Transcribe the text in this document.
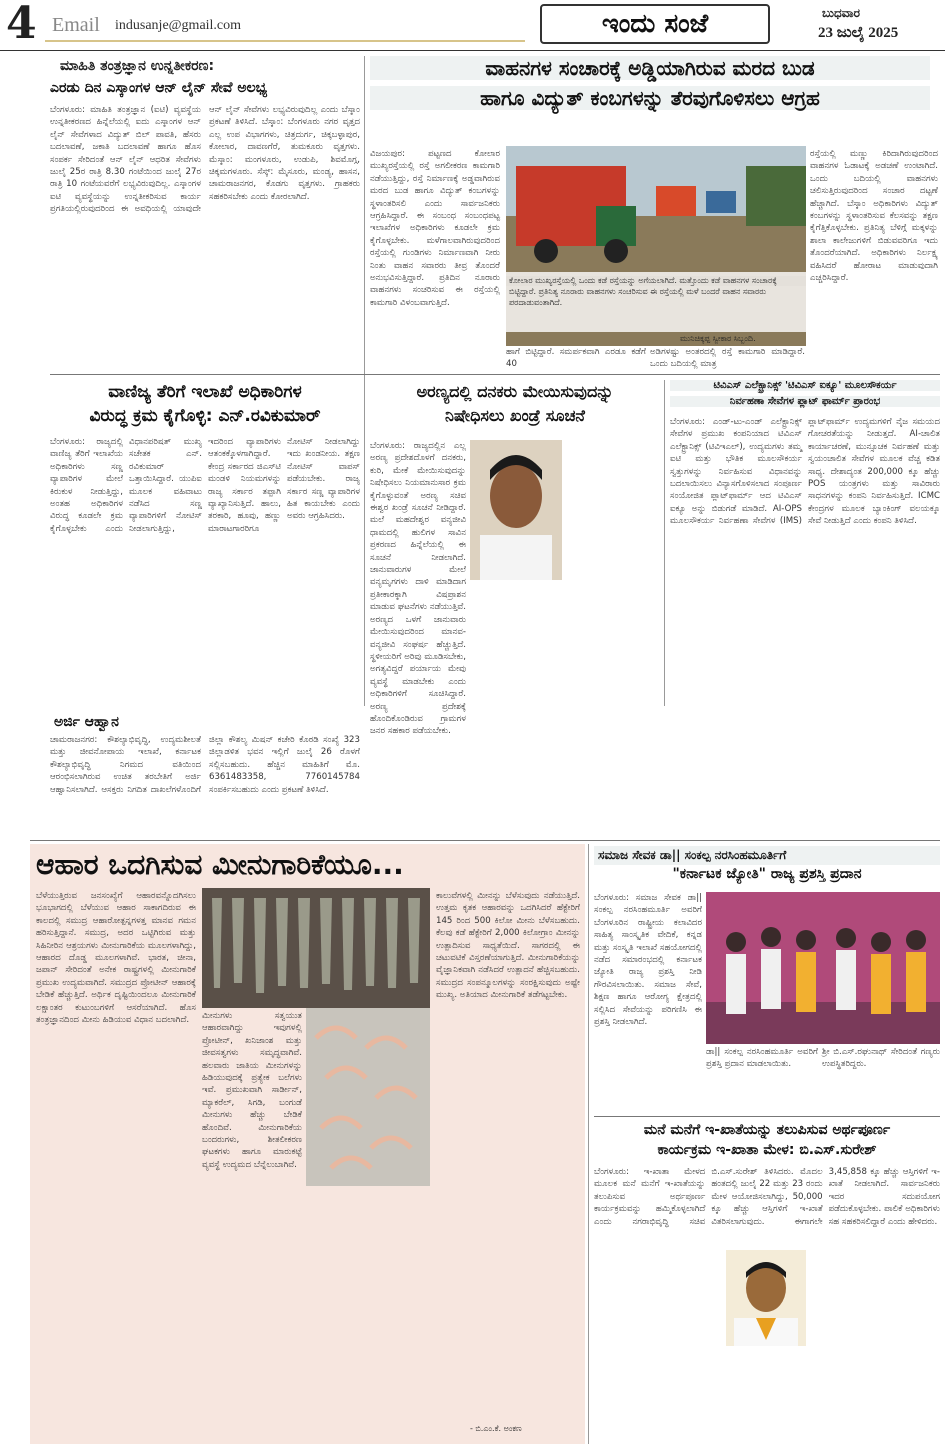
4 Email indusanje@gmail.com	ಇಂದು ಸಂಜೆ	ಬುಧವಾರ
23 ಜುಲೈ 2025
ಮಾಹಿತಿ ತಂತ್ರಜ್ಞಾನ ಉನ್ನತೀಕರಣ:
ಎರಡು ದಿನ ಎಸ್ಕಾಂಗಳ ಆನ್ ಲೈನ್ ಸೇವೆ ಅಲಭ್ಯ
ಬೆಂಗಳೂರು: ಮಾಹಿತಿ ತಂತ್ರಜ್ಞಾನ (ಐಟಿ) ವ್ಯವಸ್ಥೆಯ ಉನ್ನತೀಕರಣದ ಹಿನ್ನೆಲೆಯಲ್ಲಿ ಐದು ಎಸ್ಕಾಂಗಳ ಆನ್ ಲೈನ್ ಸೇವೆಗಳಾದ ವಿದ್ಯುತ್ ಬಿಲ್ ಪಾವತಿ, ಹೆಸರು ಬದಲಾವಣೆ, ಜಕಾತಿ ಬದಲಾವಣೆ ಹಾಗೂ ಹೊಸ ಸಂಪರ್ಕ ಸೇರಿದಂತೆ ಆನ್ ಲೈನ್ ಆಧರಿತ ಸೇವೆಗಳು ಜುಲೈ 25ರ ರಾತ್ರಿ 8.30 ಗಂಟೆಯಿಂದ ಜುಲೈ 27ರ ರಾತ್ರಿ 10 ಗಂಟೆಯವರೆಗೆ ಲಭ್ಯವಿರುವುದಿಲ್ಲ. ಎಸ್ಕಾಂಗಳ ಐಟಿ ವ್ಯವಸ್ಥೆಯನ್ನು ಉನ್ನತೀಕರಿಸುವ ಕಾರ್ಯ ಪ್ರಗತಿಯಲ್ಲಿರುವುದರಿಂದ ಈ ಅವಧಿಯಲ್ಲಿ ಯಾವುದೇ ಆನ್ ಲೈನ್ ಸೇವೆಗಳು ಲಭ್ಯವಿರುವುದಿಲ್ಲ ಎಂದು ಬೆಸ್ಕಾಂ ಪ್ರಕಟಣೆ ತಿಳಿಸಿದೆ. ಬೆಸ್ಕಾಂ: ಬೆಂಗಳೂರು ನಗರ ವೃತ್ತದ ಎಲ್ಲ ಉಪ ವಿಭಾಗಗಳು, ಚಿತ್ರದುರ್ಗ, ಚಿಕ್ಕಬಳ್ಳಾಪುರ, ಕೋಲಾರ, ದಾವಣಗೆರೆ, ತುಮಕೂರು ವೃತ್ತಗಳು. ಮೆಸ್ಕಾಂ: ಮಂಗಳೂರು, ಉಡುಪಿ, ಶಿವಮೊಗ್ಗ, ಚಿಕ್ಕಮಗಳೂರು. ಸೆಸ್ಕ್: ಮೈಸೂರು, ಮಂಡ್ಯ, ಹಾಸನ, ಚಾಮರಾಜನಗರ, ಕೊಡಗು ವೃತ್ತಗಳು. ಗ್ರಾಹಕರು ಸಹಕರಿಸಬೇಕು ಎಂದು ಕೋರಲಾಗಿದೆ.
ವಾಹನಗಳ ಸಂಚಾರಕ್ಕೆ ಅಡ್ಡಿಯಾಗಿರುವ ಮರದ ಬುಡ
ಹಾಗೂ ವಿದ್ಯುತ್ ಕಂಬಗಳನ್ನು ತೆರವುಗೊಳಿಸಲು ಆಗ್ರಹ
ವಿಜಯಪುರ: ಪಟ್ಟಣದ ಕೋಲಾರ ಮುಖ್ಯರಸ್ತೆಯಲ್ಲಿ ರಸ್ತೆ ಅಗಲೀಕರಣ ಕಾಮಗಾರಿ ನಡೆಯುತ್ತಿದ್ದು, ರಸ್ತೆ ನಿರ್ಮಾಣಕ್ಕೆ ಅಡ್ಡವಾಗಿರುವ ಮರದ ಬುಡ ಹಾಗೂ ವಿದ್ಯುತ್ ಕಂಬಗಳನ್ನು ಸ್ಥಳಾಂತರಿಸಲಿ ಎಂದು ಸಾರ್ವಜನಿಕರು ಆಗ್ರಹಿಸಿದ್ದಾರೆ. ಈ ಸಂಬಂಧ ಸಂಬಂಧಪಟ್ಟ ಇಲಾಖೆಗಳ ಅಧಿಕಾರಿಗಳು ಕೂಡಲೇ ಕ್ರಮ ಕೈಗೊಳ್ಳಬೇಕು. ಮಳೆಗಾಲವಾಗಿರುವುದರಿಂದ ರಸ್ತೆಯಲ್ಲಿ ಗುಂಡಿಗಳು ನಿರ್ಮಾಣವಾಗಿ ನೀರು ನಿಂತು ವಾಹನ ಸವಾರರು ತೀವ್ರ ತೊಂದರೆ ಅನುಭವಿಸುತ್ತಿದ್ದಾರೆ. ಪ್ರತಿದಿನ ನೂರಾರು ವಾಹನಗಳು ಸಂಚರಿಸುವ ಈ ರಸ್ತೆಯಲ್ಲಿ ಕಾಮಗಾರಿ ವಿಳಂಬವಾಗುತ್ತಿದೆ.
ಕೋಲಾರ ಮುಖ್ಯರಸ್ತೆಯಲ್ಲಿ ಒಂದು ಕಡೆ ರಸ್ತೆಯನ್ನು ಅಗೆಯಲಾಗಿದೆ. ಮತ್ತೊಂದು ಕಡೆ ವಾಹನಗಳ ಸಂಚಾರಕ್ಕೆ ಬಿಟ್ಟಿದ್ದಾರೆ. ಪ್ರತಿನಿತ್ಯ ನೂರಾರು ವಾಹನಗಳು ಸಂಚರಿಸುವ ಈ ರಸ್ತೆಯಲ್ಲಿ ಮಳೆ ಬಂದರೆ ವಾಹನ ಸವಾರರು ಪರದಾಡುವಂತಾಗಿದೆ.
ಮುನಿಚಿಕ್ಕಪ್ಪ ಸ್ವೀಕಾರ ಸಿಬ್ಬಂದಿ.
ರಸ್ತೆಯಲ್ಲಿ ಮಣ್ಣು ಕಿರಿದಾಗಿರುವುದರಿಂದ ವಾಹನಗಳ ಓಡಾಟಕ್ಕೆ ಅಡಚಣೆ ಉಂಟಾಗಿದೆ. ಒಂದು ಬದಿಯಲ್ಲಿ ವಾಹನಗಳು ಚಲಿಸುತ್ತಿರುವುದರಿಂದ ಸಂಚಾರ ದಟ್ಟಣೆ ಹೆಚ್ಚಾಗಿದೆ. ಬೆಸ್ಕಾಂ ಅಧಿಕಾರಿಗಳು ವಿದ್ಯುತ್ ಕಂಬಗಳನ್ನು ಸ್ಥಳಾಂತರಿಸುವ ಕೆಲಸವನ್ನು ತಕ್ಷಣ ಕೈಗೆತ್ತಿಕೊಳ್ಳಬೇಕು. ಪ್ರತಿನಿತ್ಯ ಬೆಳಿಗ್ಗೆ ಮಕ್ಕಳನ್ನು ಶಾಲಾ ಕಾಲೇಜುಗಳಿಗೆ ಬಿಡುವವರಿಗೂ ಇದು ತೊಂದರೆಯಾಗಿದೆ. ಅಧಿಕಾರಿಗಳು ನಿರ್ಲಕ್ಷ್ಯ ವಹಿಸಿದರೆ ಹೋರಾಟ ಮಾಡುವುದಾಗಿ ಎಚ್ಚರಿಸಿದ್ದಾರೆ.
ಹಾಗೆ ಬಿಟ್ಟಿದ್ದಾರೆ. ಸಮರ್ಪಕವಾಗಿ ಎರಡೂ ಕಡೆಗೆ 40
ಅಡಿಗಳಷ್ಟು ಅಂತರದಲ್ಲಿ ರಸ್ತೆ ಕಾಮಗಾರಿ ಮಾಡಿದ್ದಾರೆ. ಒಂದು ಬದಿಯಲ್ಲಿ ಮಾತ್ರ
ವಾಣಿಜ್ಯ ತೆರಿಗೆ ಇಲಾಖೆ ಅಧಿಕಾರಿಗಳ
ವಿರುದ್ಧ ಕ್ರಮ ಕೈಗೊಳ್ಳಿ: ಎನ್.ರವಿಕುಮಾರ್
ಬೆಂಗಳೂರು: ರಾಜ್ಯದಲ್ಲಿ ವಾಣಿಜ್ಯ ತೆರಿಗೆ ಇಲಾಖೆಯ ಅಧಿಕಾರಿಗಳು ಸಣ್ಣ ವ್ಯಾಪಾರಿಗಳ ಮೇಲೆ ಕಿರುಕುಳ ನೀಡುತ್ತಿದ್ದು, ಅಂತಹ ಅಧಿಕಾರಿಗಳ ವಿರುದ್ಧ ಕೂಡಲೇ ಕ್ರಮ ಕೈಗೊಳ್ಳಬೇಕು ಎಂದು ವಿಧಾನಪರಿಷತ್ ಮುಖ್ಯ ಸಚೇತಕ ಎನ್. ರವಿಕುಮಾರ್ ಒತ್ತಾಯಿಸಿದ್ದಾರೆ. ಯುಪಿಐ ಮೂಲಕ ವಹಿವಾಟು ನಡೆಸಿದ ಸಣ್ಣ ವ್ಯಾಪಾರಿಗಳಿಗೆ ನೋಟಿಸ್ ನೀಡಲಾಗುತ್ತಿದ್ದು, ಇದರಿಂದ ವ್ಯಾಪಾರಿಗಳು ಆತಂಕಕ್ಕೊಳಗಾಗಿದ್ದಾರೆ. ಕೇಂದ್ರ ಸರ್ಕಾರದ ಜಿಎಸ್‍ಟಿ ಮಂಡಳಿ ನಿಯಮಗಳನ್ನು ರಾಜ್ಯ ಸರ್ಕಾರ ತಪ್ಪಾಗಿ ವ್ಯಾಖ್ಯಾನಿಸುತ್ತಿದೆ. ಹಾಲು, ತರಕಾರಿ, ಹೂವು, ಹಣ್ಣು ಮಾರಾಟಗಾರರಿಗೂ ನೋಟಿಸ್ ನೀಡಲಾಗಿದ್ದು ಇದು ಖಂಡನೀಯ. ತಕ್ಷಣ ನೋಟಿಸ್ ವಾಪಸ್ ಪಡೆಯಬೇಕು. ರಾಜ್ಯ ಸರ್ಕಾರ ಸಣ್ಣ ವ್ಯಾಪಾರಿಗಳ ಹಿತ ಕಾಯಬೇಕು ಎಂದು ಅವರು ಆಗ್ರಹಿಸಿದರು.
ಅರಣ್ಯದಲ್ಲಿ ದನಕರು ಮೇಯಿಸುವುದನ್ನು
ನಿಷೇಧಿಸಲು ಖಂಡ್ರೆ ಸೂಚನೆ
ಬೆಂಗಳೂರು: ರಾಜ್ಯದಲ್ಲಿನ ಎಲ್ಲ ಅರಣ್ಯ ಪ್ರದೇಶದೊಳಗೆ ದನಕರು, ಕುರಿ, ಮೇಕೆ ಮೇಯಿಸುವುದನ್ನು ನಿಷೇಧಿಸಲು ನಿಯಮಾನುಸಾರ ಕ್ರಮ ಕೈಗೊಳ್ಳುವಂತೆ ಅರಣ್ಯ ಸಚಿವ ಈಶ್ವರ ಖಂಡ್ರೆ ಸೂಚನೆ ನೀಡಿದ್ದಾರೆ. ಮಲೆ ಮಹದೇಶ್ವರ ವನ್ಯಜೀವಿ ಧಾಮದಲ್ಲಿ ಹುಲಿಗಳ ಸಾವಿನ ಪ್ರಕರಣದ ಹಿನ್ನೆಲೆಯಲ್ಲಿ ಈ ಸೂಚನೆ ನೀಡಲಾಗಿದೆ. ಜಾನುವಾರುಗಳ ಮೇಲೆ ವನ್ಯಮೃಗಗಳು ದಾಳಿ ಮಾಡಿದಾಗ ಪ್ರತೀಕಾರಕ್ಕಾಗಿ ವಿಷಪ್ರಾಶನ ಮಾಡುವ ಘಟನೆಗಳು ನಡೆಯುತ್ತಿವೆ. ಅರಣ್ಯದ ಒಳಗೆ ಜಾನುವಾರು ಮೇಯಿಸುವುದರಿಂದ ಮಾನವ-ವನ್ಯಜೀವಿ ಸಂಘರ್ಷ ಹೆಚ್ಚುತ್ತಿದೆ. ಸ್ಥಳೀಯರಿಗೆ ಅರಿವು ಮೂಡಿಸಬೇಕು, ಅಗತ್ಯವಿದ್ದರೆ ಪರ್ಯಾಯ ಮೇವು ವ್ಯವಸ್ಥೆ ಮಾಡಬೇಕು ಎಂದು ಅಧಿಕಾರಿಗಳಿಗೆ ಸೂಚಿಸಿದ್ದಾರೆ. ಅರಣ್ಯ ಪ್ರದೇಶಕ್ಕೆ ಹೊಂದಿಕೊಂಡಿರುವ ಗ್ರಾಮಗಳ ಜನರ ಸಹಕಾರ ಪಡೆಯಬೇಕು.
ಟಿವಿಎಸ್ ಎಲೆಕ್ಟ್ರಾನಿಕ್ಸ್ 'ಟಿವಿಎಸ್ ಐಕ್ಯೂ' ಮೂಲಸೌಕರ್ಯ
ನಿರ್ವಹಣಾ ಸೇವೆಗಳ ಪ್ಲಾಟ್ ಫಾರ್ಮ್ ಪ್ರಾರಂಭ
ಬೆಂಗಳೂರು: ಎಂಡ್-ಟು-ಎಂಡ್ ಎಲೆಕ್ಟ್ರಾನಿಕ್ಸ್ ಸೇವೆಗಳ ಪ್ರಮುಖ ಕಂಪನಿಯಾದ ಟಿವಿಎಸ್ ಎಲೆಕ್ಟ್ರಾನಿಕ್ಸ್ (ಟಿವಿಇಎಲ್), ಉದ್ಯಮಗಳು ತಮ್ಮ ಐಟಿ ಮತ್ತು ಭೌತಿಕ ಮೂಲಸೌಕರ್ಯ ಸ್ವತ್ತುಗಳನ್ನು ನಿರ್ವಹಿಸುವ ವಿಧಾನವನ್ನು ಬದಲಾಯಿಸಲು ವಿನ್ಯಾಸಗೊಳಿಸಲಾದ ಸಂಪೂರ್ಣ ಸಂಯೋಜಿತ ಪ್ಲಾಟ್‌ಫಾರ್ಮ್ ಆದ ಟಿವಿಎಸ್ ಐಕ್ಯೂ ಅನ್ನು ಬಿಡುಗಡೆ ಮಾಡಿದೆ. AI-OPS ಮೂಲಸೌಕರ್ಯ ನಿರ್ವಹಣಾ ಸೇವೆಗಳ (IMS) ಪ್ಲಾಟ್‌ಫಾರ್ಮ್ ಉದ್ಯಮಗಳಿಗೆ ನೈಜ ಸಮಯದ ಗೋಚರತೆಯನ್ನು ನೀಡುತ್ತದೆ. AI-ಚಾಲಿತ ಕಾರ್ಯಾಚರಣೆ, ಮುನ್ಸೂಚಕ ನಿರ್ವಹಣೆ ಮತ್ತು ಸ್ವಯಂಚಾಲಿತ ಸೇವೆಗಳ ಮೂಲಕ ವೆಚ್ಚ ಕಡಿತ ಸಾಧ್ಯ. ದೇಶಾದ್ಯಂತ 200,000 ಕ್ಕೂ ಹೆಚ್ಚು POS ಯಂತ್ರಗಳು ಮತ್ತು ಸಾವಿರಾರು ಸಾಧನಗಳನ್ನು ಕಂಪನಿ ನಿರ್ವಹಿಸುತ್ತಿದೆ. ICMC ಕೇಂದ್ರಗಳ ಮೂಲಕ ಬ್ಯಾಂಕಿಂಗ್ ವಲಯಕ್ಕೂ ಸೇವೆ ನೀಡುತ್ತಿದೆ ಎಂದು ಕಂಪನಿ ತಿಳಿಸಿದೆ.
ಅರ್ಜಿ ಆಹ್ವಾನ
ಚಾಮರಾಜನಗರ: ಕೌಶಲ್ಯಾಭಿವೃದ್ಧಿ, ಉದ್ಯಮಶೀಲತೆ ಮತ್ತು ಜೀವನೋಪಾಯ ಇಲಾಖೆ, ಕರ್ನಾಟಕ ಕೌಶಲ್ಯಾಭಿವೃದ್ಧಿ ನಿಗಮದ ವತಿಯಿಂದ ಆರಂಭಿಸಲಾಗಿರುವ ಉಚಿತ ತರಬೇತಿಗೆ ಅರ್ಜಿ ಆಹ್ವಾನಿಸಲಾಗಿದೆ. ಆಸಕ್ತರು ನಿಗದಿತ ದಾಖಲೆಗಳೊಂದಿಗೆ ಜಿಲ್ಲಾ ಕೌಶಲ್ಯ ಮಿಷನ್ ಕಚೇರಿ ಕೊಠಡಿ ಸಂಖ್ಯೆ 323 ಜಿಲ್ಲಾಡಳಿತ ಭವನ ಇಲ್ಲಿಗೆ ಜುಲೈ 26 ರೊಳಗೆ ಸಲ್ಲಿಸಬಹುದು. ಹೆಚ್ಚಿನ ಮಾಹಿತಿಗೆ ಮೊ. 6361483358, 7760145784 ಸಂಪರ್ಕಿಸಬಹುದು ಎಂದು ಪ್ರಕಟಣೆ ತಿಳಿಸಿದೆ.
ಆಹಾರ ಒದಗಿಸುವ ಮೀನುಗಾರಿಕೆಯೂ...
ಬೆಳೆಯುತ್ತಿರುವ ಜನಸಂಖ್ಯೆಗೆ ಆಹಾರವನ್ನೊದಗಿಸಲು ಭೂಭಾಗದಲ್ಲಿ ಬೆಳೆಯುವ ಆಹಾರ ಸಾಕಾಗದಿರುವ ಈ ಕಾಲದಲ್ಲಿ ಸಮುದ್ರ ಆಹಾರೋತ್ಪನ್ನಗಳತ್ತ ಮಾನವ ಗಮನ ಹರಿಸುತ್ತಿದ್ದಾನೆ. ಸಮುದ್ರ, ಅದರ ಒಟ್ಟಿಗಿರುವ ಮತ್ತು ಸಿಹಿನೀರಿನ ಆಶ್ರಯಗಳು ಮೀನುಗಾರಿಕೆಯ ಮೂಲಗಳಾಗಿದ್ದು, ಆಹಾರದ ದೊಡ್ಡ ಮೂಲಗಳಾಗಿವೆ. ಭಾರತ, ಚೀನಾ, ಜಪಾನ್ ಸೇರಿದಂತೆ ಅನೇಕ ರಾಷ್ಟ್ರಗಳಲ್ಲಿ ಮೀನುಗಾರಿಕೆ ಪ್ರಮುಖ ಉದ್ಯಮವಾಗಿದೆ. ಸಮುದ್ರದ ಪ್ರೋಟೀನ್ ಆಹಾರಕ್ಕೆ ಬೇಡಿಕೆ ಹೆಚ್ಚುತ್ತಿದೆ. ಅರ್ಥಿಕ ದೃಷ್ಟಿಯಿಂದಲೂ ಮೀನುಗಾರಿಕೆ ಲಕ್ಷಾಂತರ ಕುಟುಂಬಗಳಿಗೆ ಆಸರೆಯಾಗಿದೆ. ಹೊಸ ತಂತ್ರಜ್ಞಾನದಿಂದ ಮೀನು ಹಿಡಿಯುವ ವಿಧಾನ ಬದಲಾಗಿದೆ.	ಮೀನುಗಳು ಸತ್ವಯುತ ಆಹಾರವಾಗಿದ್ದು ಇವುಗಳಲ್ಲಿ ಪ್ರೋಟೀನ್, ಖನಿಜಾಂಶ ಮತ್ತು ಜೀವಸತ್ವಗಳು ಸಮೃದ್ಧವಾಗಿವೆ. ಹಲವಾರು ಜಾತಿಯ ಮೀನುಗಳನ್ನು ಹಿಡಿಯುವುದಕ್ಕೆ ಪ್ರತ್ಯೇಕ ಬಲೆಗಳು ಇವೆ. ಪ್ರಮುಖವಾಗಿ ಸಾರ್ಡೀನ್, ಮ್ಯಾಕರೆಲ್, ಸಿಗಡಿ, ಬಂಗುಡೆ ಮೀನುಗಳು ಹೆಚ್ಚು ಬೇಡಿಕೆ ಹೊಂದಿವೆ. ಮೀನುಗಾರಿಕೆಯ ಬಂದರುಗಳು, ಶೀತಲೀಕರಣ ಘಟಕಗಳು ಹಾಗೂ ಮಾರುಕಟ್ಟೆ ವ್ಯವಸ್ಥೆ ಉದ್ಯಮದ ಬೆನ್ನೆಲುಬಾಗಿವೆ.
ಕಾಲುವೆಗಳಲ್ಲಿ ಮೀನನ್ನು ಬೆಳೆಸುವುದು ನಡೆಯುತ್ತಿದೆ. ಉತ್ತಮ ಕೃತಕ ಆಹಾರವನ್ನು ಒದಗಿಸಿದರೆ ಹೆಕ್ಟೇರಿಗೆ 145 ರಿಂದ 500 ಕಿಲೋ ಮೀನು ಬೆಳೆಸಬಹುದು. ಕೆಲವು ಕಡೆ ಹೆಕ್ಟೇರಿಗೆ 2,000 ಕಿಲೋಗ್ರಾಂ ಮೀನನ್ನು ಉತ್ಪಾದಿಸುವ ಸಾಧ್ಯತೆಯಿದೆ. ಸಾಗರದಲ್ಲಿ ಈ ಚಟುವಟಿಕೆ ವಿಸ್ತರಣೆಯಾಗುತ್ತಿದೆ. ಮೀನುಗಾರಿಕೆಯನ್ನು ವೈಜ್ಞಾನಿಕವಾಗಿ ನಡೆಸಿದರೆ ಉತ್ಪಾದನೆ ಹೆಚ್ಚಿಸಬಹುದು. ಸಮುದ್ರದ ಸಂಪನ್ಮೂಲಗಳನ್ನು ಸಂರಕ್ಷಿಸುವುದು ಅಷ್ಟೇ ಮುಖ್ಯ. ಅತಿಯಾದ ಮೀನುಗಾರಿಕೆ ತಡೆಗಟ್ಟಬೇಕು.
- ಬಿ.ಎಂ.ಕೆ. ಅಂಕಣ
ಸಮಾಜ ಸೇವಕ ಡಾ|| ಸಂಕಲ್ಪ ನರಸಿಂಹಮೂರ್ತಿಗೆ
"ಕರ್ನಾಟಕ ಜ್ಯೋತಿ" ರಾಜ್ಯ ಪ್ರಶಸ್ತಿ ಪ್ರದಾನ
ಬೆಂಗಳೂರು: ಸಮಾಜ ಸೇವಕ ಡಾ|| ಸಂಕಲ್ಪ ನರಸಿಂಹಮೂರ್ತಿ ಅವರಿಗೆ ಬೆಂಗಳೂರಿನ ರಾಷ್ಟ್ರೀಯ ಕಲಾವಿದರ ಸಾಹಿತ್ಯ ಸಾಂಸ್ಕೃತಿಕ ವೇದಿಕೆ, ಕನ್ನಡ ಮತ್ತು ಸಂಸ್ಕೃತಿ ಇಲಾಖೆ ಸಹಯೋಗದಲ್ಲಿ ನಡೆದ ಸಮಾರಂಭದಲ್ಲಿ ಕರ್ನಾಟಕ ಜ್ಯೋತಿ ರಾಜ್ಯ ಪ್ರಶಸ್ತಿ ನೀಡಿ ಗೌರವಿಸಲಾಯಿತು. ಸಮಾಜ ಸೇವೆ, ಶಿಕ್ಷಣ ಹಾಗೂ ಆರೋಗ್ಯ ಕ್ಷೇತ್ರದಲ್ಲಿ ಸಲ್ಲಿಸಿದ ಸೇವೆಯನ್ನು ಪರಿಗಣಿಸಿ ಈ ಪ್ರಶಸ್ತಿ ನೀಡಲಾಗಿದೆ.
ಡಾ|| ಸಂಕಲ್ಪ ನರಸಿಂಹಮೂರ್ತಿ ಅವರಿಗೆ ಪ್ರಶಸ್ತಿ ಪ್ರದಾನ ಮಾಡಲಾಯಿತು.
ಶ್ರೀ ಬಿ.ಎಸ್.ರಘುನಾಥ್ ಸೇರಿದಂತೆ ಗಣ್ಯರು ಉಪಸ್ಥಿತರಿದ್ದರು.
ಮನೆ ಮನೆಗೆ ಇ-ಖಾತೆಯನ್ನು ತಲುಪಿಸುವ ಅರ್ಥಪೂರ್ಣ
ಕಾರ್ಯಕ್ರಮ ಇ-ಖಾತಾ ಮೇಳ: ಬಿ.ಎಸ್.ಸುರೇಶ್
ಬೆಂಗಳೂರು: ಇ-ಖಾತಾ ಮೇಳದ ಮೂಲಕ ಮನೆ ಮನೆಗೆ ಇ-ಖಾತೆಯನ್ನು ತಲುಪಿಸುವ ಅರ್ಥಪೂರ್ಣ ಕಾರ್ಯಕ್ರಮವನ್ನು ಹಮ್ಮಿಕೊಳ್ಳಲಾಗಿದೆ ಎಂದು ನಗರಾಭಿವೃದ್ಧಿ ಸಚಿವ ಬಿ.ಎಸ್.ಸುರೇಶ್ ತಿಳಿಸಿದರು. ಮೊದಲ ಹಂತದಲ್ಲಿ ಜುಲೈ 22 ಮತ್ತು 23 ರಂದು ಮೇಳ ಆಯೋಜಿಸಲಾಗಿದ್ದು, 50,000 ಕ್ಕೂ ಹೆಚ್ಚು ಆಸ್ತಿಗಳಿಗೆ ಇ-ಖಾತೆ ವಿತರಿಸಲಾಗುವುದು. ಈಗಾಗಲೇ 3,45,858 ಕ್ಕೂ ಹೆಚ್ಚು ಆಸ್ತಿಗಳಿಗೆ ಇ-ಖಾತೆ ನೀಡಲಾಗಿದೆ. ಸಾರ್ವಜನಿಕರು ಇದರ ಸದುಪಯೋಗ ಪಡೆದುಕೊಳ್ಳಬೇಕು. ಪಾಲಿಕೆ ಅಧಿಕಾರಿಗಳು ಸಹ ಸಹಕರಿಸಲಿದ್ದಾರೆ ಎಂದು ಹೇಳಿದರು.
